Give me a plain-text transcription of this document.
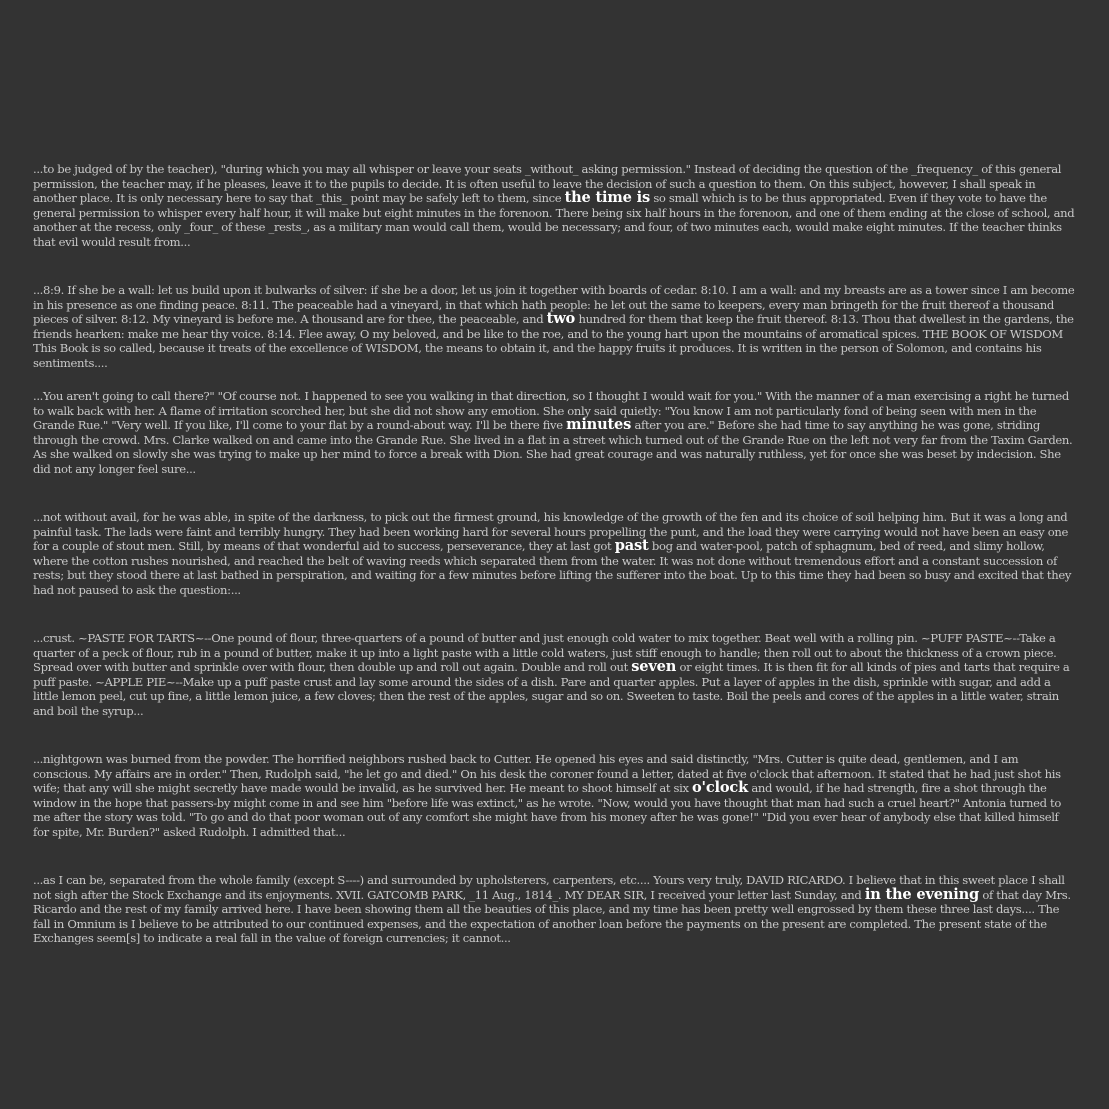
...to be judged of by the teacher), "during which you may all whisper or leave your seats _without_ asking permission." Instead of deciding the question of the _frequency_ of this general permission, the teacher may, if he pleases, leave it to the pupils to decide. It is often useful to leave the decision of such a question to them. On this subject, however, I shall speak in another place. It is only necessary here to say that _this_ point may be safely left to them, since the time is so small which is to be thus appropriated. Even if they vote to have the general permission to whisper every half hour, it will make but eight minutes in the forenoon. There being six half hours in the forenoon, and one of them ending at the close of school, and another at the recess, only _four_ of these _rests_, as a military man would call them, would be necessary; and four, of two minutes each, would make eight minutes. If the teacher thinks that evil would result from...

...8:9. If she be a wall: let us build upon it bulwarks of silver: if she be a door, let us join it together with boards of cedar. 8:10. I am a wall: and my breasts are as a tower since I am become in his presence as one finding peace. 8:11. The peaceable had a vineyard, in that which hath people: he let out the same to keepers, every man bringeth for the fruit thereof a thousand pieces of silver. 8:12. My vineyard is before me. A thousand are for thee, the peaceable, and two hundred for them that keep the fruit thereof. 8:13. Thou that dwellest in the gardens, the friends hearken: make me hear thy voice. 8:14. Flee away, O my beloved, and be like to the roe, and to the young hart upon the mountains of aromatical spices. THE BOOK OF WISDOM This Book is so called, because it treats of the excellence of WISDOM, the means to obtain it, and the happy fruits it produces. It is written in the person of Solomon, and contains his sentiments....

...You aren't going to call there?" "Of course not. I happened to see you walking in that direction, so I thought I would wait for you." With the manner of a man exercising a right he turned to walk back with her. A flame of irritation scorched her, but she did not show any emotion. She only said quietly: "You know I am not particularly fond of being seen with men in the Grande Rue." "Very well. If you like, I'll come to your flat by a round-about way. I'll be there five minutes after you are." Before she had time to say anything he was gone, striding through the crowd. Mrs. Clarke walked on and came into the Grande Rue. She lived in a flat in a street which turned out of the Grande Rue on the left not very far from the Taxim Garden. As she walked on slowly she was trying to make up her mind to force a break with Dion. She had great courage and was naturally ruthless, yet for once she was beset by indecision. She did not any longer feel sure...

...not without avail, for he was able, in spite of the darkness, to pick out the firmest ground, his knowledge of the growth of the fen and its choice of soil helping him. But it was a long and painful task. The lads were faint and terribly hungry. They had been working hard for several hours propelling the punt, and the load they were carrying would not have been an easy one for a couple of stout men. Still, by means of that wonderful aid to success, perseverance, they at last got past bog and water-pool, patch of sphagnum, bed of reed, and slimy hollow, where the cotton rushes nourished, and reached the belt of waving reeds which separated them from the water. It was not done without tremendous effort and a constant succession of rests; but they stood there at last bathed in perspiration, and waiting for a few minutes before lifting the sufferer into the boat. Up to this time they had been so busy and excited that they had not paused to ask the question:...

...crust. ~PASTE FOR TARTS~--One pound of flour, three-quarters of a pound of butter and just enough cold water to mix together. Beat well with a rolling pin. ~PUFF PASTE~--Take a quarter of a peck of flour, rub in a pound of butter, make it up into a light paste with a little cold waters, just stiff enough to handle; then roll out to about the thickness of a crown piece. Spread over with butter and sprinkle over with flour, then double up and roll out again. Double and roll out seven or eight times. It is then fit for all kinds of pies and tarts that require a puff paste. ~APPLE PIE~--Make up a puff paste crust and lay some around the sides of a dish. Pare and quarter apples. Put a layer of apples in the dish, sprinkle with sugar, and add a little lemon peel, cut up fine, a little lemon juice, a few cloves; then the rest of the apples, sugar and so on. Sweeten to taste. Boil the peels and cores of the apples in a little water, strain and boil the syrup...

...nightgown was burned from the powder. The horrified neighbors rushed back to Cutter. He opened his eyes and said distinctly, "Mrs. Cutter is quite dead, gentlemen, and I am conscious. My affairs are in order." Then, Rudolph said, "he let go and died." On his desk the coroner found a letter, dated at five o'clock that afternoon. It stated that he had just shot his wife; that any will she might secretly have made would be invalid, as he survived her. He meant to shoot himself at six o'clock and would, if he had strength, fire a shot through the window in the hope that passers-by might come in and see him "before life was extinct," as he wrote. "Now, would you have thought that man had such a cruel heart?" Antonia turned to me after the story was told. "To go and do that poor woman out of any comfort she might have from his money after he was gone!" "Did you ever hear of anybody else that killed himself for spite, Mr. Burden?" asked Rudolph. I admitted that...

...as I can be, separated from the whole family (except S----) and surrounded by upholsterers, carpenters, etc.... Yours very truly, DAVID RICARDO. I believe that in this sweet place I shall not sigh after the Stock Exchange and its enjoyments. XVII. GATCOMB PARK, _11 Aug., 1814_. MY DEAR SIR, I received your letter last Sunday, and in the evening of that day Mrs. Ricardo and the rest of my family arrived here. I have been showing them all the beauties of this place, and my time has been pretty well engrossed by them these three last days.... The fall in Omnium is I believe to be attributed to our continued expenses, and the expectation of another loan before the payments on the present are completed. The present state of the Exchanges seem[s] to indicate a real fall in the value of foreign currencies; it cannot...
